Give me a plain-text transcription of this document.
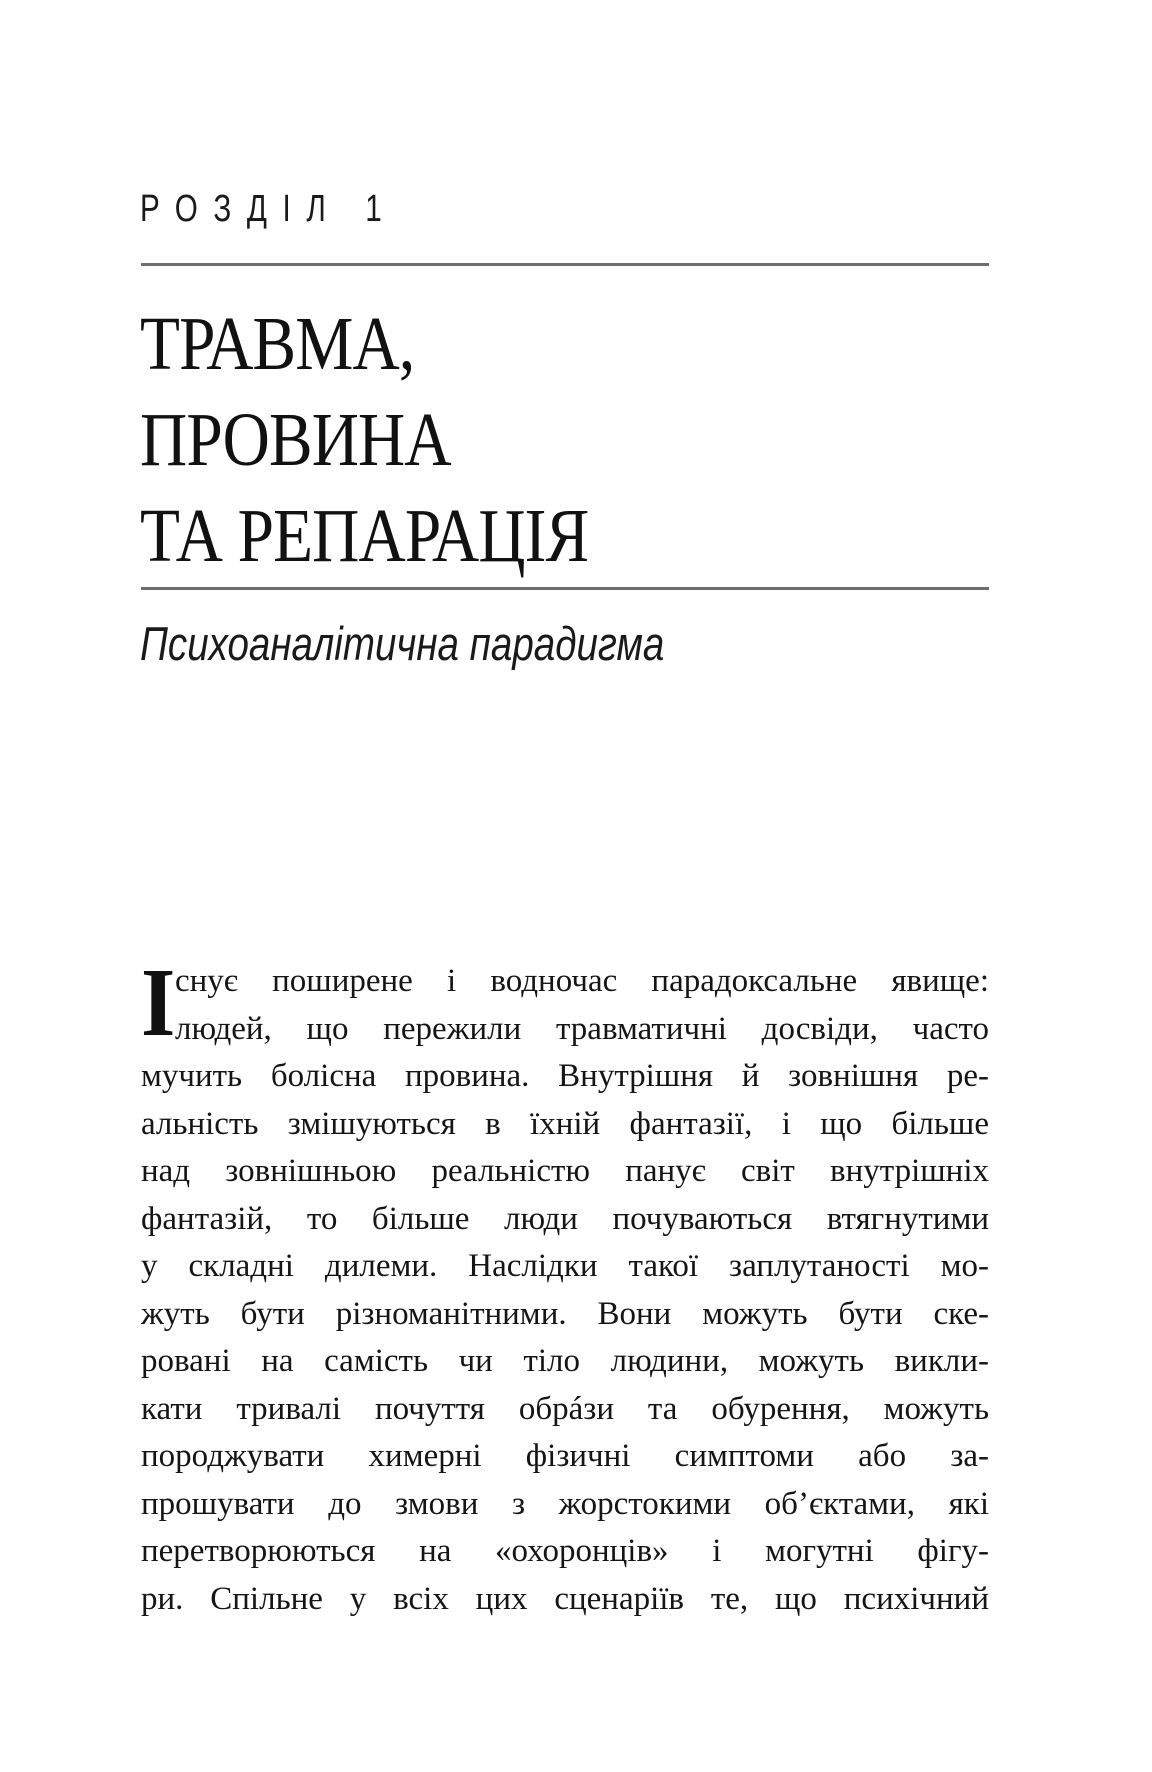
РОЗДІЛ 1
ТРАВМА,
ПРОВИНА
ТА РЕПАРАЦІЯ
Психоаналітична парадигма
І снує поширене і водночас парадоксальне явище:
людей, що пережили травматичні досвіди, часто
мучить болісна провина. Внутрішня й зовнішня ре-
альність змішуються в їхній фантазії, і що більше
над зовнішньою реальністю панує світ внутрішніх
фантазій, то більше люди почуваються втягнутими
у складні дилеми. Наслідки такої заплутаності мо-
жуть бути різноманітними. Вони можуть бути ске-
ровані на самість чи тіло людини, можуть викли-
кати тривалі почуття обрáзи та обурення, можуть
породжувати химерні фізичні симптоми або за-
прошувати до змови з жорстокими об’єктами, які
перетворюються на «охоронців» і могутні фігу-
ри. Спільне у всіх цих сценаріїв те, що психічний
